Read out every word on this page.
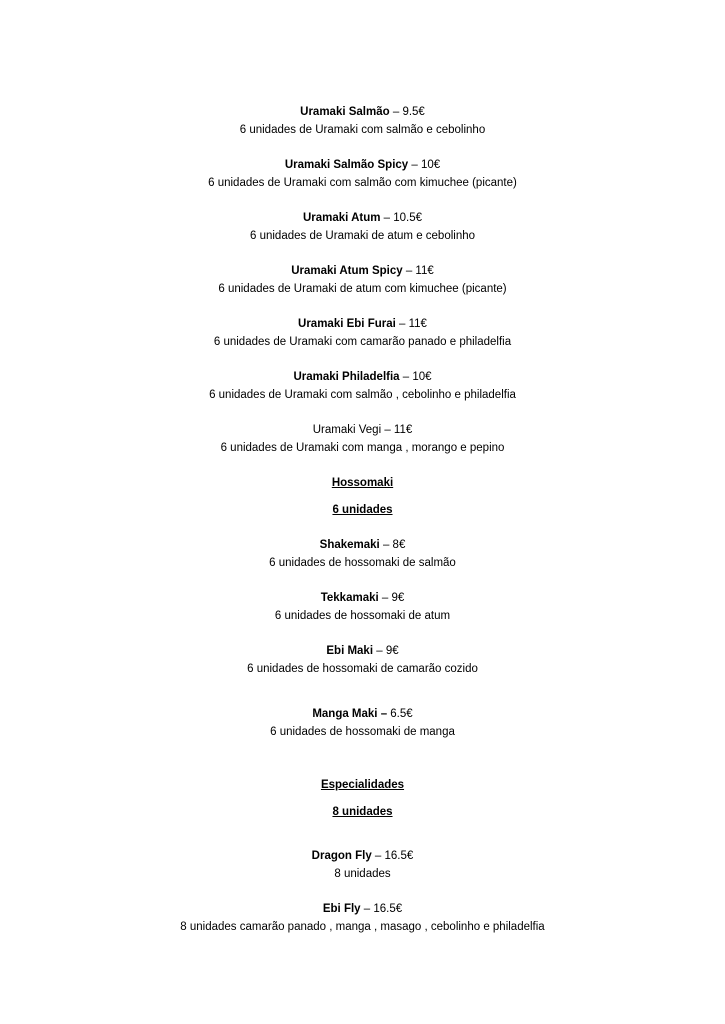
Uramaki Salmão – 9.5€
6 unidades de Uramaki com salmão e cebolinho
Uramaki Salmão Spicy – 10€
6 unidades de Uramaki com salmão com kimuchee (picante)
Uramaki Atum – 10.5€
6 unidades de Uramaki de atum e cebolinho
Uramaki Atum Spicy – 11€
6 unidades de Uramaki de atum com kimuchee (picante)
Uramaki Ebi Furai – 11€
6 unidades de Uramaki com camarão panado e philadelfia
Uramaki Philadelfia – 10€
6 unidades de Uramaki com salmão , cebolinho e philadelfia
Uramaki Vegi – 11€
6 unidades de Uramaki com manga , morango e pepino
Hossomaki
6 unidades
Shakemaki – 8€
6 unidades de hossomaki de salmão
Tekkamaki – 9€
6 unidades de hossomaki de atum
Ebi Maki – 9€
6 unidades de hossomaki de camarão cozido
Manga Maki – 6.5€
6 unidades de hossomaki de manga
Especialidades
8 unidades
Dragon Fly – 16.5€
8 unidades
Ebi Fly – 16.5€
8 unidades camarão panado , manga , masago , cebolinho e philadelfia
